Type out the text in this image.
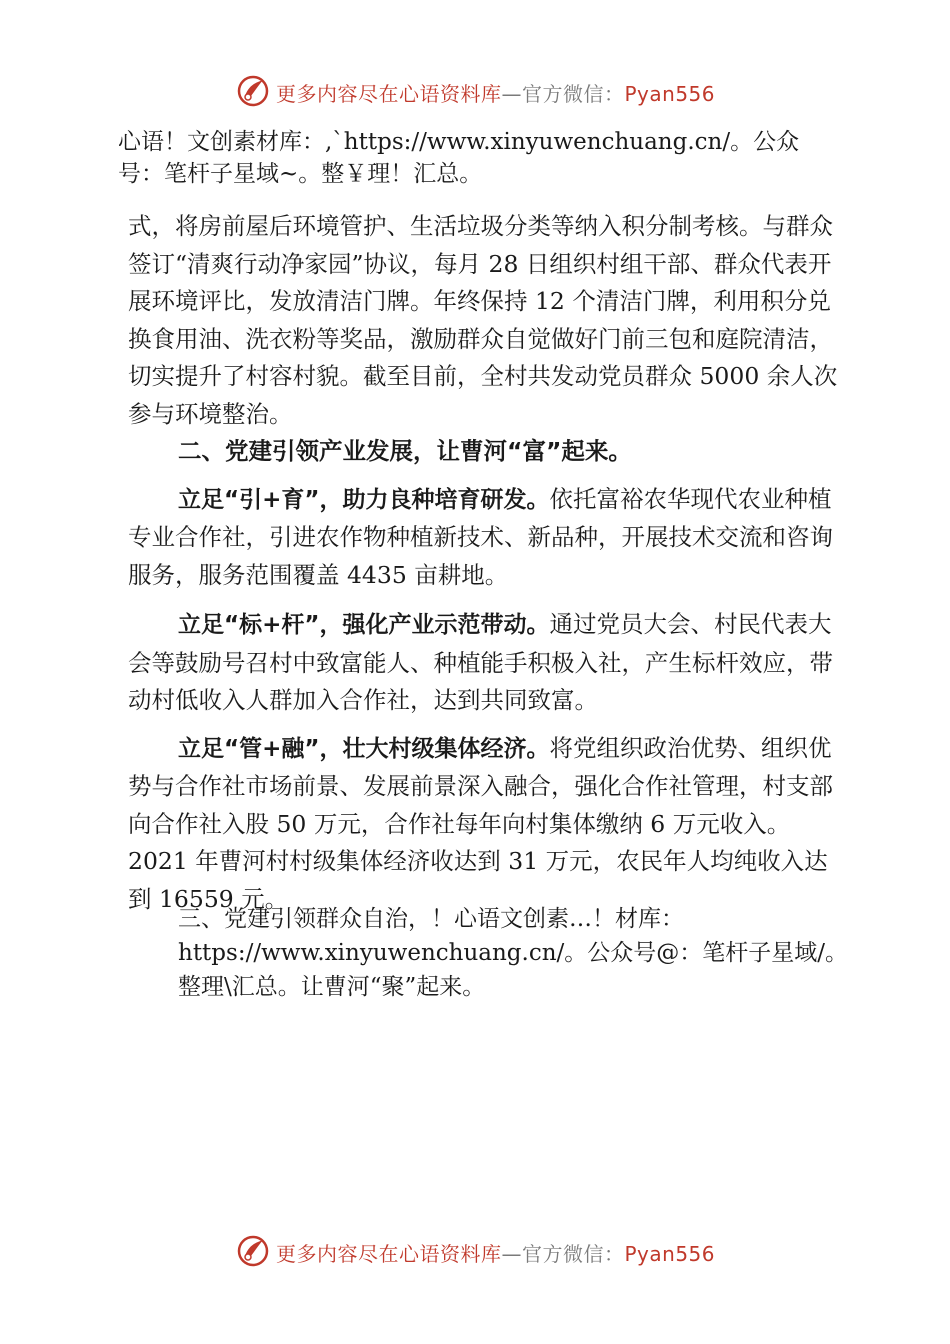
更多内容尽在心语资料库—官方微信：Pyan556
心语！文创素材库：,`https://www.xinyuwenchuang.cn/。公众
号：笔杆子星域~。整￥理！汇总。

式，将房前屋后环境管护、生活垃圾分类等纳入积分制考核。与群众签订“清爽行动净家园”协议，每月 28 日组织村组干部、群众代表开展环境评比，发放清洁门牌。年终保持 12 个清洁门牌，利用积分兑换食用油、洗衣粉等奖品，激励群众自觉做好门前三包和庭院清洁，切实提升了村容村貌。截至目前，全村共发动党员群众 5000 余人次参与环境整治。

二、党建引领产业发展，让曹河“富”起来。

立足“引+育”，助力良种培育研发。依托富裕农华现代农业种植专业合作社，引进农作物种植新技术、新品种，开展技术交流和咨询服务，服务范围覆盖 4435 亩耕地。

立足“标+杆”，强化产业示范带动。通过党员大会、村民代表大会等鼓励号召村中致富能人、种植能手积极入社，产生标杆效应，带动村低收入人群加入合作社，达到共同致富。

立足“管+融”，壮大村级集体经济。将党组织政治优势、组织优势与合作社市场前景、发展前景深入融合，强化合作社管理，村支部向合作社入股 50 万元，合作社每年向村集体缴纳 6 万元收入。2021 年曹河村村级集体经济收达到 31 万元，农民年人均纯收入达到 16559 元。

三、党建引领群众自治，！心语文创素…！材库：
https://www.xinyuwenchuang.cn/。公众号@：笔杆子星域/。
整理\汇总。让曹河“聚”起来。
更多内容尽在心语资料库—官方微信：Pyan556
